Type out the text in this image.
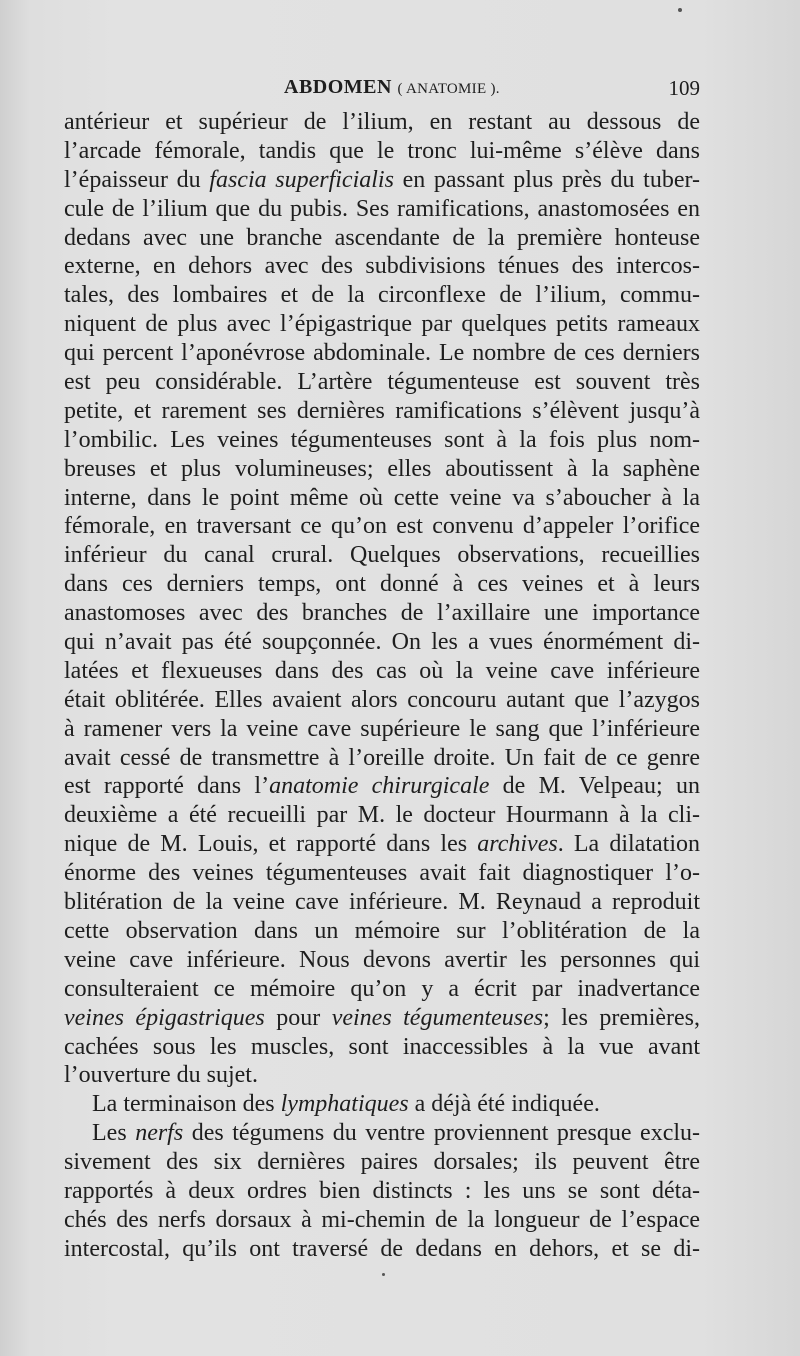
ABDOMEN ( ANATOMIE ).	109
antérieur et supérieur de l’ilium, en restant au dessous de
l’arcade fémorale, tandis que le tronc lui-même s’élève dans
l’épaisseur du fascia superficialis en passant plus près du tuber-
cule de l’ilium que du pubis. Ses ramifications, anastomosées en
dedans avec une branche ascendante de la première honteuse
externe, en dehors avec des subdivisions ténues des intercos-
tales, des lombaires et de la circonflexe de l’ilium, commu-
niquent de plus avec l’épigastrique par quelques petits rameaux
qui percent l’aponévrose abdominale. Le nombre de ces derniers
est peu considérable. L’artère tégumenteuse est souvent très
petite, et rarement ses dernières ramifications s’élèvent jusqu’à
l’ombilic. Les veines tégumenteuses sont à la fois plus nom-
breuses et plus volumineuses; elles aboutissent à la saphène
interne, dans le point même où cette veine va s’aboucher à la
fémorale, en traversant ce qu’on est convenu d’appeler l’orifice
inférieur du canal crural. Quelques observations, recueillies
dans ces derniers temps, ont donné à ces veines et à leurs
anastomoses avec des branches de l’axillaire une importance
qui n’avait pas été soupçonnée. On les a vues énormément di-
latées et flexueuses dans des cas où la veine cave inférieure
était oblitérée. Elles avaient alors concouru autant que l’azygos
à ramener vers la veine cave supérieure le sang que l’inférieure
avait cessé de transmettre à l’oreille droite. Un fait de ce genre
est rapporté dans l’anatomie chirurgicale de M. Velpeau; un
deuxième a été recueilli par M. le docteur Hourmann à la cli-
nique de M. Louis, et rapporté dans les archives. La dilatation
énorme des veines tégumenteuses avait fait diagnostiquer l’o-
blitération de la veine cave inférieure. M. Reynaud a reproduit
cette observation dans un mémoire sur l’oblitération de la
veine cave inférieure. Nous devons avertir les personnes qui
consulteraient ce mémoire qu’on y a écrit par inadvertance
veines épigastriques pour veines tégumenteuses; les premières,
cachées sous les muscles, sont inaccessibles à la vue avant
l’ouverture du sujet.
La terminaison des lymphatiques a déjà été indiquée.
Les nerfs des tégumens du ventre proviennent presque exclu-
sivement des six dernières paires dorsales; ils peuvent être
rapportés à deux ordres bien distincts : les uns se sont déta-
chés des nerfs dorsaux à mi-chemin de la longueur de l’espace
intercostal, qu’ils ont traversé de dedans en dehors, et se di-
